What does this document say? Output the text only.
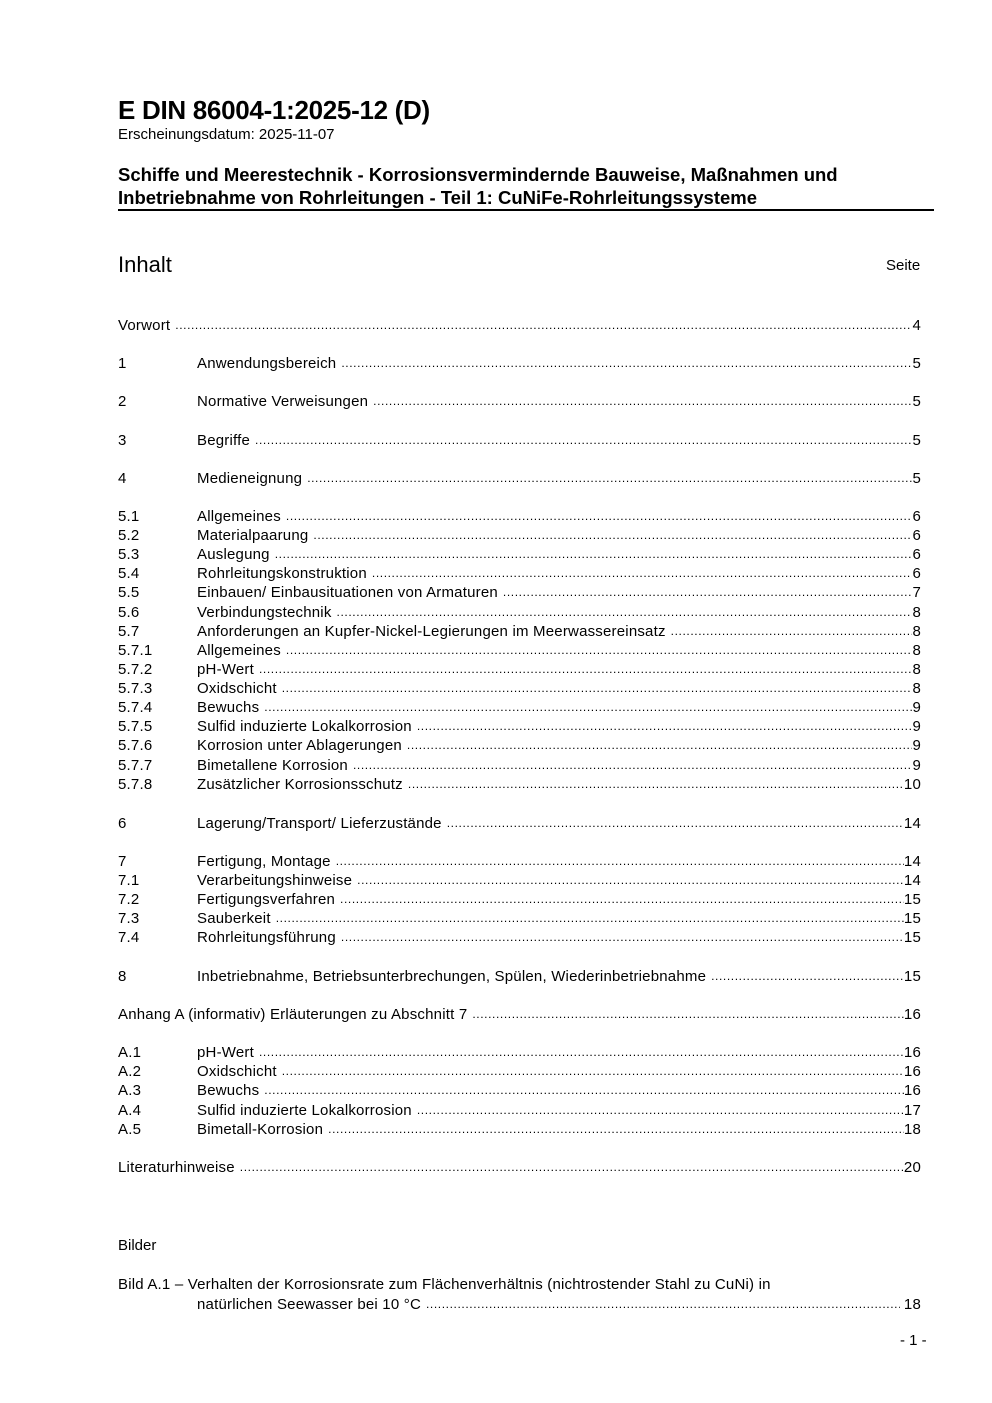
E DIN 86004-1:2025-12 (D)
Erscheinungsdatum: 2025-11-07
Schiffe und Meerestechnik - Korrosionsvermindernde Bauweise, Maßnahmen und
Inbetriebnahme von Rohrleitungen - Teil 1: CuNiFe-Rohrleitungssysteme
Inhalt	Seite
Vorwort .....	4
1	Anwendungsbereich .....	5
2	Normative Verweisungen .....	5
3	Begriffe .....	5
4	Medieneignung .....	5
5.1	Allgemeines .....	6
5.2	Materialpaarung .....	6
5.3	Auslegung .....	6
5.4	Rohrleitungskonstruktion .....	6
5.5	Einbauen/ Einbausituationen von Armaturen .....	7
5.6	Verbindungstechnik .....	8
5.7	Anforderungen an Kupfer-Nickel-Legierungen im Meerwassereinsatz .....	8
5.7.1	Allgemeines .....	8
5.7.2	pH-Wert .....	8
5.7.3	Oxidschicht .....	8
5.7.4	Bewuchs .....	9
5.7.5	Sulfid induzierte Lokalkorrosion .....	9
5.7.6	Korrosion unter Ablagerungen .....	9
5.7.7	Bimetallene Korrosion .....	9
5.7.8	Zusätzlicher Korrosionsschutz .....	10
6	Lagerung/Transport/ Lieferzustände .....	14
7	Fertigung, Montage .....	14
7.1	Verarbeitungshinweise .....	14
7.2	Fertigungsverfahren .....	15
7.3	Sauberkeit .....	15
7.4	Rohrleitungsführung .....	15
8	Inbetriebnahme, Betriebsunterbrechungen, Spülen, Wiederinbetriebnahme .....	15
Anhang A (informativ) Erläuterungen zu Abschnitt 7 .....	16
A.1	pH-Wert .....	16
A.2	Oxidschicht .....	16
A.3	Bewuchs .....	16
A.4	Sulfid induzierte Lokalkorrosion .....	17
A.5	Bimetall-Korrosion .....	18
Literaturhinweise .....	20
Bilder
Bild A.1 – Verhalten der Korrosionsrate zum Flächenverhältnis (nichtrostender Stahl zu CuNi) in
natürlichen Seewasser bei 10 °C .....	18
- 1 -
